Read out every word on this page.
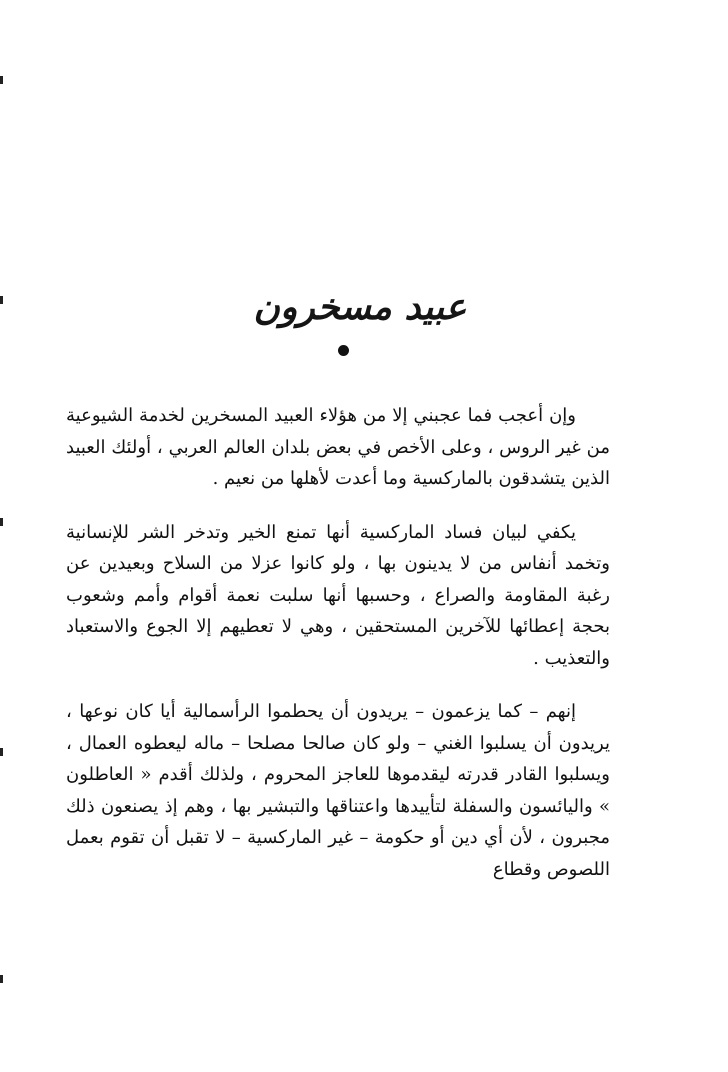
عبيد مسخرون

وإن أعجب فما عجبني إلا من هؤلاء العبيد المسخرين لخدمة الشيوعية من غير الروس ، وعلى الأخص في بعض بلدان العالم العربي ، أولئك العبيد الذين يتشدقون بالماركسية وما أعدت لأهلها من نعيم .

يكفي لبيان فساد الماركسية أنها تمنع الخير وتدخر الشر للإنسانية وتخمد أنفاس من لا يدينون بها ، ولو كانوا عزلا من السلاح وبعيدين عن رغبة المقاومة والصراع ، وحسبها أنها سلبت نعمة أقوام وأمم وشعوب بحجة إعطائها للآخرين المستحقين ، وهي لا تعطيهم إلا الجوع والاستعباد والتعذيب .

إنهم – كما يزعمون – يريدون أن يحطموا الرأسمالية أيا كان نوعها ، يريدون أن يسلبوا الغني – ولو كان صالحا مصلحا – ماله ليعطوه العمال ، ويسلبوا القادر قدرته ليقدموها للعاجز المحروم ، ولذلك أقدم « العاطلون » واليائسون والسفلة لتأييدها واعتناقها والتبشير بها ، وهم إذ يصنعون ذلك مجبرون ، لأن أي دين أو حكومة – غير الماركسية – لا تقبل أن تقوم بعمل اللصوص وقطاع
